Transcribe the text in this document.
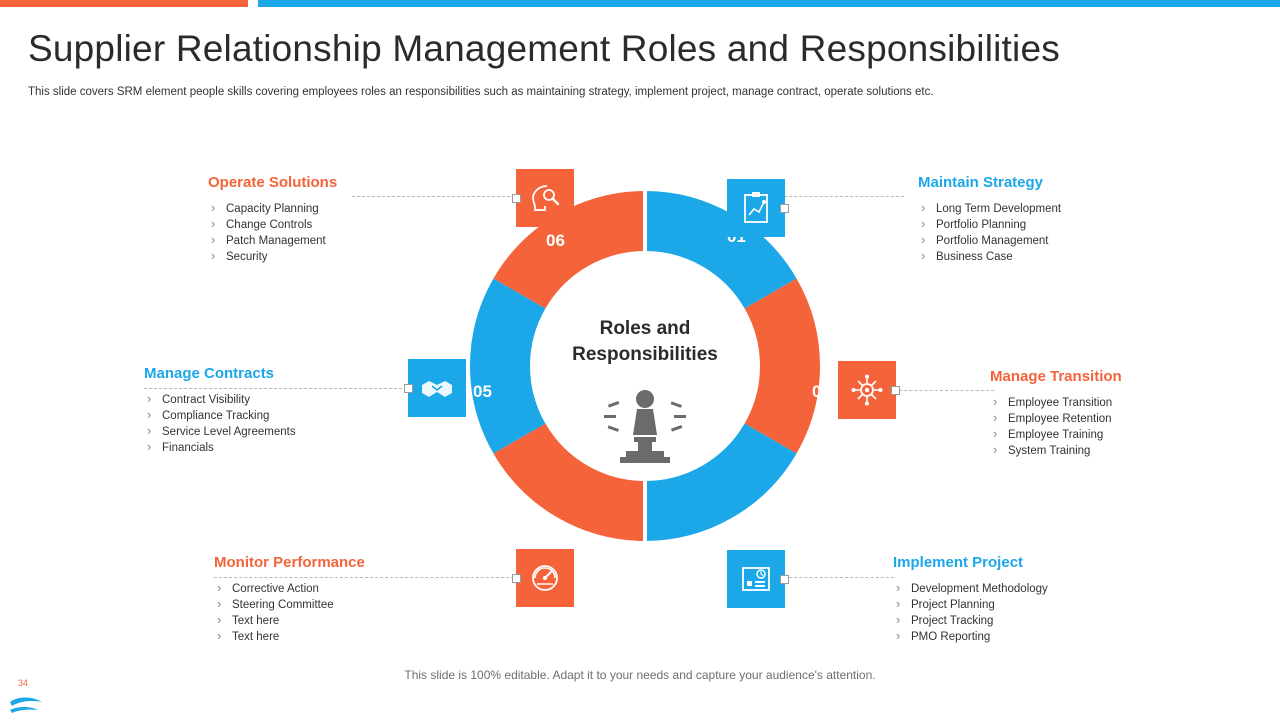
Supplier Relationship Management Roles and Responsibilities
This slide covers SRM element people skills covering employees roles an responsibilities such as maintaining strategy, implement project, manage contract, operate solutions etc.
Roles and
Responsibilities
02
03
04
05
06
Operate Solutions
› Capacity Planning
› Change Controls
› Patch Management
› Security
Maintain Strategy
› Long Term Development
› Portfolio Planning
› Portfolio Management
› Business Case
Manage Contracts
› Contract Visibility
› Compliance Tracking
› Service Level Agreements
› Financials
Manage Transition
› Employee Transition
› Employee Retention
› Employee Training
› System Training
Monitor Performance
› Corrective Action
› Steering Committee
› Text here
› Text here
Implement Project
› Development Methodology
› Project Planning
› Project Tracking
› PMO Reporting
This slide is 100% editable. Adapt it to your needs and capture your audience's attention.
34
